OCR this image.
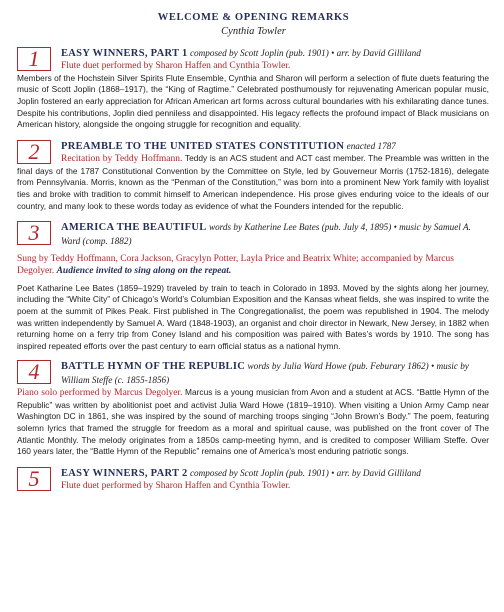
WELCOME & OPENING REMARKS
Cynthia Towler
1	EASY WINNERS, PART 1 composed by Scott Joplin (pub. 1901) • arr. by David Gilliland
Flute duet performed by Sharon Haffen and Cynthia Towler.
Members of the Hochstein Silver Spirits Flute Ensemble, Cynthia and Sharon will perform a selection of flute duets featuring the music of Scott Joplin (1868–1917), the “King of Ragtime.” Celebrated posthumously for rejuvenating American popular music, Joplin fostered an early appreciation for African American art forms across cultural boundaries with his exhilarating dance tunes. Despite his contributions, Joplin died penniless and disappointed. His legacy reflects the profound impact of Black musicians on American history, alongside the ongoing struggle for recognition and equality.
2	PREAMBLE TO THE UNITED STATES CONSTITUTION enacted 1787
Recitation by Teddy Hoffmann. Teddy is an ACS student and ACT cast member. The Preamble was written in the final days of the 1787 Constitutional Convention by the Committee on Style, led by Gouverneur Morris (1752-1816), delegate from Pennsylvania. Morris, known as the “Penman of the Constitution,” was born into a prominent New York family with loyalist ties and broke with tradition to commit himself to American independence. His prose gives enduring voice to the ideals of our country, and many look to these words today as evidence of what the Founders intended for the republic.
3	AMERICA THE BEAUTIFUL words by Katherine Lee Bates (pub. July 4, 1895) • music by Samuel A. Ward (comp. 1882)
Sung by Teddy Hoffmann, Cora Jackson, Gracylyn Potter, Layla Price and Beatrix White; accompanied by Marcus Degolyer. Audience invited to sing along on the repeat.
Poet Katharine Lee Bates (1859–1929) traveled by train to teach in Colorado in 1893. Moved by the sights along her journey, including the “White City” of Chicago’s World’s Columbian Exposition and the Kansas wheat fields, she was inspired to write the poem at the summit of Pikes Peak. First published in The Congregationalist, the poem was republished in 1904. The melody was written independently by Samuel A. Ward (1848-1903), an organist and choir director in Newark, New Jersey, in 1882 when returning home on a ferry trip from Coney Island and his composition was paired with Bates’s words by 1910. The song has inspired repeated efforts over the past century to earn official status as a national hymn.
4	BATTLE HYMN OF THE REPUBLIC words by Julia Ward Howe (pub. Feburary 1862) • music by William Steffe (c. 1855-1856)
Piano solo performed by Marcus Degolyer. Marcus is a young musician from Avon and a student at ACS. “Battle Hymn of the Republic” was written by abolitionist poet and activist Julia Ward Howe (1819–1910). When visiting a Union Army Camp near Washington DC in 1861, she was inspired by the sound of marching troops singing “John Brown’s Body.” The poem, featuring solemn lyrics that framed the struggle for freedom as a moral and spiritual cause, was published on the front cover of The Atlantic Monthly. The melody originates from a 1850s camp-meeting hymn, and is credited to composer William Steffe. Over 160 years later, the “Battle Hymn of the Republic” remains one of America’s most enduring patriotic songs.
5	EASY WINNERS, PART 2 composed by Scott Joplin (pub. 1901) • arr. by David Gilliland
Flute duet performed by Sharon Haffen and Cynthia Towler.
